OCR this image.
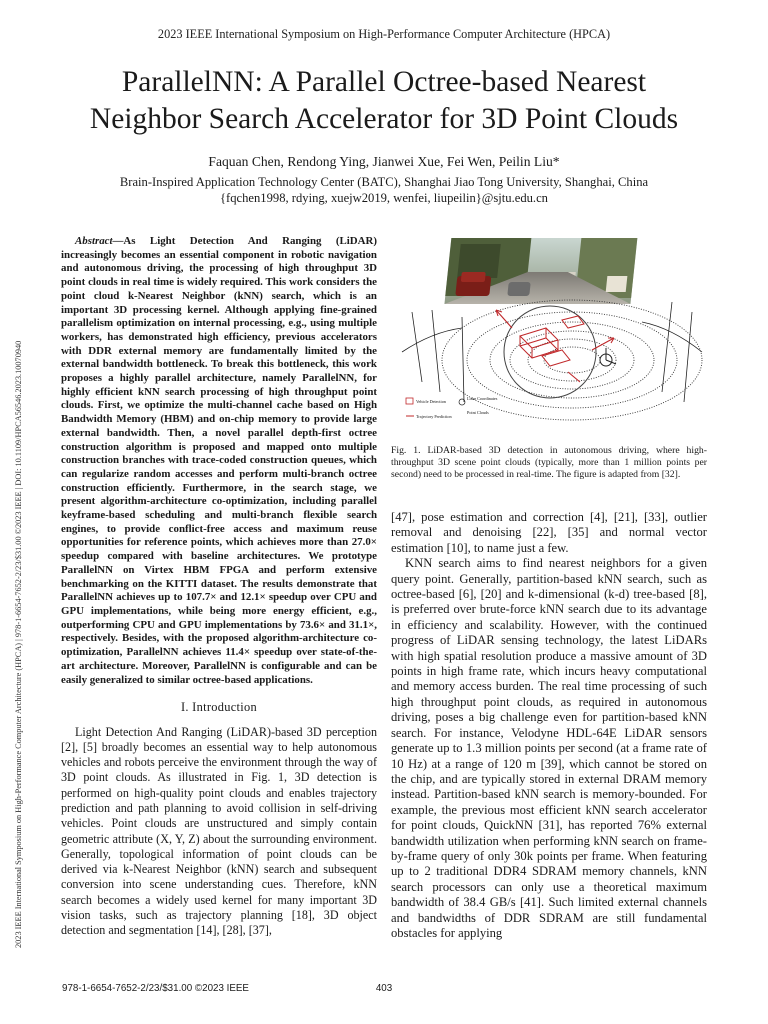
2023 IEEE International Symposium on High-Performance Computer Architecture (HPCA)
ParallelNN: A Parallel Octree-based Nearest
Neighbor Search Accelerator for 3D Point Clouds
Faquan Chen, Rendong Ying, Jianwei Xue, Fei Wen, Peilin Liu*
Brain-Inspired Application Technology Center (BATC), Shanghai Jiao Tong University, Shanghai, China
{fqchen1998, rdying, xuejw2019, wenfei, liupeilin}@sjtu.edu.cn
2023 IEEE International Symposium on High-Performance Computer Architecture (HPCA) | 978-1-6654-7652-2/23/$31.00 ©2023 IEEE | DOI: 10.1109/HPCA56546.2023.10070940

Abstract—As Light Detection And Ranging (LiDAR) increasingly becomes an essential component in robotic navigation and autonomous driving, the processing of high throughput 3D point clouds in real time is widely required. This work considers the point cloud k-Nearest Neighbor (kNN) search, which is an important 3D processing kernel. Although applying fine-grained parallelism optimization on internal processing, e.g., using multiple workers, has demonstrated high efficiency, previous accelerators with DDR external memory are fundamentally limited by the external bandwidth bottleneck. To break this bottleneck, this work proposes a highly parallel architecture, namely ParallelNN, for highly efficient kNN search processing of high throughput point clouds. First, we optimize the multi-channel cache based on High Bandwidth Memory (HBM) and on-chip memory to provide large external bandwidth. Then, a novel parallel depth-first octree construction algorithm is proposed and mapped onto multiple construction branches with trace-coded construction queues, which can regularize random accesses and perform multi-branch octree construction efficiently. Furthermore, in the search stage, we present algorithm-architecture co-optimization, including parallel keyframe-based scheduling and multi-branch flexible search engines, to provide conflict-free access and maximum reuse opportunities for reference points, which achieves more than 27.0× speedup compared with baseline architectures. We prototype ParallelNN on Virtex HBM FPGA and perform extensive benchmarking on the KITTI dataset. The results demonstrate that ParallelNN achieves up to 107.7× and 12.1× speedup over CPU and GPU implementations, while being more energy efficient, e.g., outperforming CPU and GPU implementations by 73.6× and 31.1×, respectively. Besides, with the proposed algorithm-architecture co-optimization, ParallelNN achieves 11.4× speedup over state-of-the-art architecture. Moreover, ParallelNN is configurable and can be easily generalized to similar octree-based applications.

I. Introduction

Light Detection And Ranging (LiDAR)-based 3D perception [2], [5] broadly becomes an essential way to help autonomous vehicles and robots perceive the environment through the way of 3D point clouds. As illustrated in Fig. 1, 3D detection is performed on high-quality point clouds and enables trajectory prediction and path planning to avoid collision in self-driving vehicles. Point clouds are unstructured and simply contain geometric attribute (X, Y, Z) about the surrounding environment. Generally, topological information of point clouds can be derived via k-Nearest Neighbor (kNN) search and subsequent conversion into scene understanding cues. Therefore, kNN search becomes a widely used kernel for many important 3D vision tasks, such as trajectory planning [18], 3D object detection and segmentation [14], [28], [37],

Vehicle Detection
Trajectory Prediction
Lidar Coordinates
Point Clouds
Fig. 1. LiDAR-based 3D detection in autonomous driving, where high-throughput 3D scene point clouds (typically, more than 1 million points per second) need to be processed in real-time. The figure is adapted from [32].

[47], pose estimation and correction [4], [21], [33], outlier removal and denoising [22], [35] and normal vector estimation [10], to name just a few.

KNN search aims to find nearest neighbors for a given query point. Generally, partition-based kNN search, such as octree-based [6], [20] and k-dimensional (k-d) tree-based [8], is preferred over brute-force kNN search due to its advantage in efficiency and scalability. However, with the continued progress of LiDAR sensing technology, the latest LiDARs with high spatial resolution produce a massive amount of 3D points in high frame rate, which incurs heavy computational and memory access burden. The real time processing of such high throughput point clouds, as required in autonomous driving, poses a big challenge even for partition-based kNN search. For instance, Velodyne HDL-64E LiDAR sensors generate up to 1.3 million points per second (at a frame rate of 10 Hz) at a range of 120 m [39], which cannot be stored on the chip, and are typically stored in external DRAM memory instead. Partition-based kNN search is memory-bounded. For example, the previous most efficient kNN search accelerator for point clouds, QuickNN [31], has reported 76% external bandwidth utilization when performing kNN search on frame-by-frame query of only 30k points per frame. When featuring up to 2 traditional DDR4 SDRAM memory channels, kNN search processors can only use a theoretical maximum bandwidth of 38.4 GB/s [41]. Such limited external channels and bandwidths of DDR SDRAM are still fundamental obstacles for applying

978-1-6654-7652-2/23/$31.00 ©2023 IEEE	403
